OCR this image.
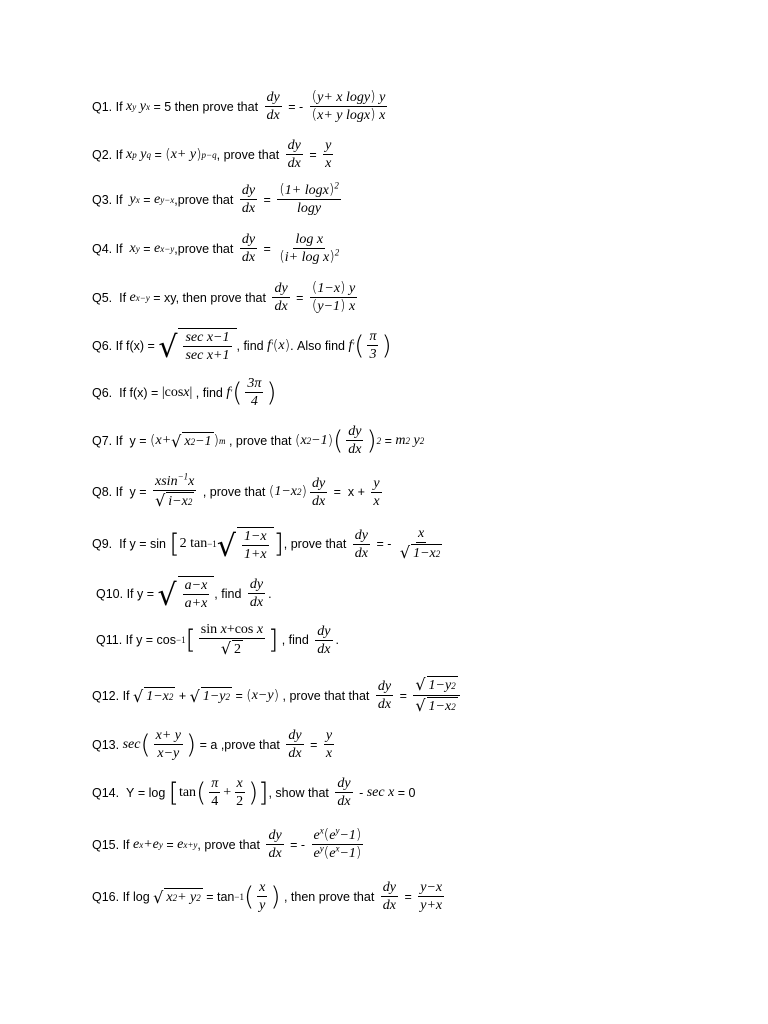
Q1. If x y y x = 5 then prove that $\frac{dy}{dx}$ = - $\frac{\text{(y+ x logy) y}}{\text{(x+ y logx) x}}$
Q2. If x p y q = ( x+ y ) p−q , prove that $\frac{dy}{dx} = \frac{y}{x}$
Q3. If y x = e y−x ,prove that $\frac{dy}{dx} = \frac{(1+ \log x)^2}{\log y}$
Q4. If x y = e x−y ,prove that $\frac{dy}{dx} = \frac{\text{log x}}{(i+ \log x)^2}$
Q5.  If e x−y = xy, then prove that $\frac{dy}{dx} = \frac{(1-x) y}{(y-1) x}$
Q6. If f(x) = √ $\frac{\text{sec x−1}}{\text{sec x+1}}$ , find f ' ( x ) . Also find f ' ( $\frac{\pi}{3}$ )
Q6.  If f(x) = |cos x | , find f ' ( $\frac{3\pi}{4}$ )
Q7. If  y = ( x+ √ x 2 −1 ) m , prove that ( x 2 −1 ) ( $\frac{dy}{dx}$ ) 2 = m 2 y 2
Q8. If  $y = \frac{xsin^{-1}x}{√ i-x 2}$ , prove that ( 1−x 2 ) $\frac{dy}{dx} = x + \frac{y}{x}$
Q9.  If y = sin [ 2 tan −1 √ $\frac{1-x}{1+x}$ ] , prove that $\frac{dy}{dx}$ = - $\frac{x}{√ 1-x 2}$
Q10. If y = √ $\frac{a-x}{a+x}$ , find $\frac{dy}{dx}$ .
Q11. If y = cos −1 [ $\frac{\text{sin x+cos x}}{√ 2}$ ] , find $\frac{dy}{dx}$ .
Q12. If √ 1−x 2 + √ 1−y 2 = ( x−y ) , prove that that $\frac{dy}{dx} = \frac{√ 1-y 2}{√ 1-x 2}$
Q13. sec ( $\frac{x+ y}{x-y}$ ) = a ,prove that $\frac{dy}{dx} = \frac{y}{x}$
Q14.  Y = log [ tan ( $\frac{\pi}{4} + \frac{x}{2}$ ) ] , show that $\frac{dy}{dx} - \sec x = 0$
Q15. If e x +e y = e x+y , prove that $\frac{dy}{dx}$ = - $\frac{e^x(e^y-1)}{e^y(e^x-1)}$
Q16. If log √ x 2 + y 2 = tan −1 ( $\frac{x}{y}$ ) , then prove that $\frac{dy}{dx} = \frac{y-x}{y+x}$
